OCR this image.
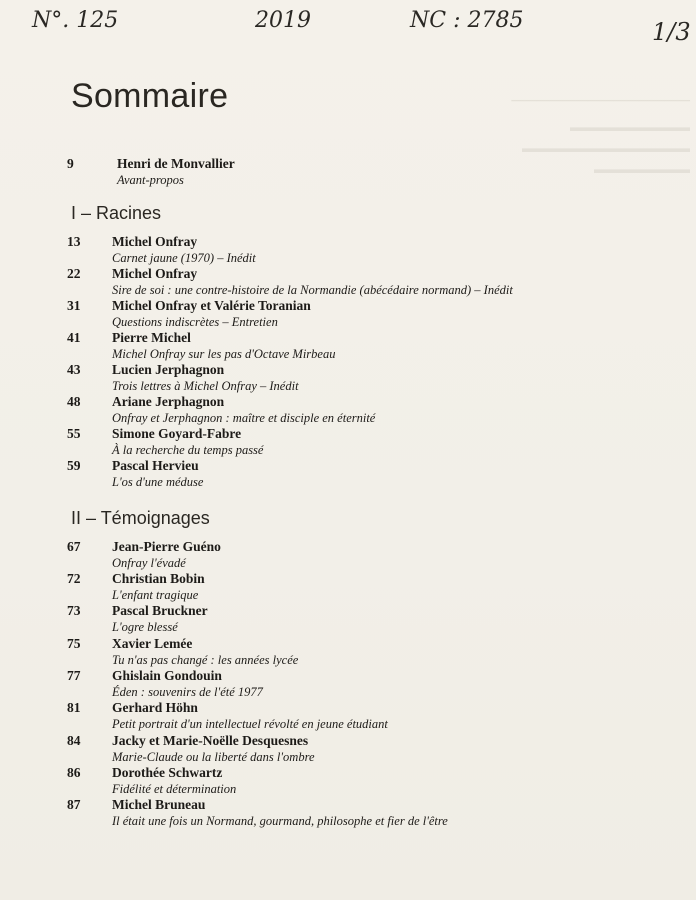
──────────────
▬▬▬▬▬▬▬▬▬▬
▬▬▬▬▬▬▬▬▬▬▬▬▬▬
▬▬▬▬▬▬▬▬
N°. 125	2019	NC : 2785	1/3
Sommaire
9	Henri de Monvallier
Avant-propos
I – Racines
13	Michel Onfray
Carnet jaune (1970) – Inédit
22	Michel Onfray
Sire de soi : une contre-histoire de la Normandie (abécédaire normand) – Inédit
31	Michel Onfray et Valérie Toranian
Questions indiscrètes – Entretien
41	Pierre Michel
Michel Onfray sur les pas d'Octave Mirbeau
43	Lucien Jerphagnon
Trois lettres à Michel Onfray – Inédit
48	Ariane Jerphagnon
Onfray et Jerphagnon : maître et disciple en éternité
55	Simone Goyard-Fabre
À la recherche du temps passé
59	Pascal Hervieu
L'os d'une méduse
II – Témoignages
67	Jean-Pierre Guéno
Onfray l'évadé
72	Christian Bobin
L'enfant tragique
73	Pascal Bruckner
L'ogre blessé
75	Xavier Lemée
Tu n'as pas changé : les années lycée
77	Ghislain Gondouin
Éden : souvenirs de l'été 1977
81	Gerhard Höhn
Petit portrait d'un intellectuel révolté en jeune étudiant
84	Jacky et Marie-Noëlle Desquesnes
Marie-Claude ou la liberté dans l'ombre
86	Dorothée Schwartz
Fidélité et détermination
87	Michel Bruneau
Il était une fois un Normand, gourmand, philosophe et fier de l'être
